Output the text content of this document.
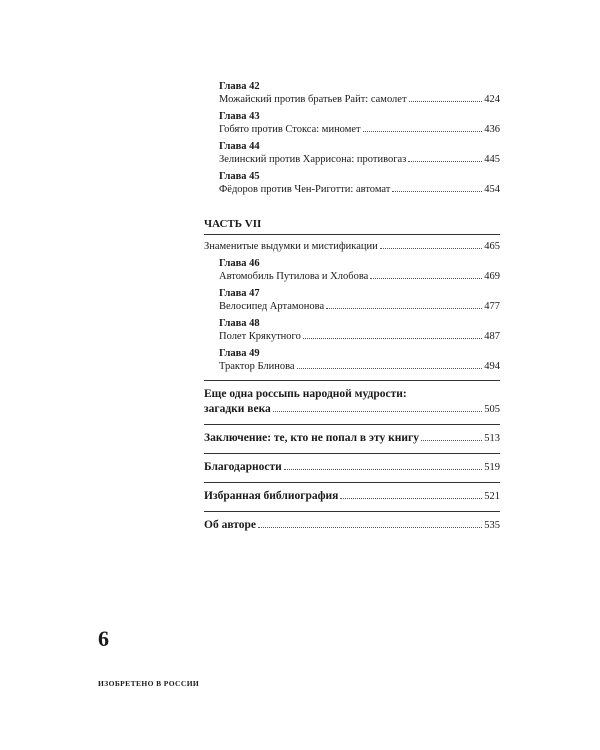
Глава 42
Можайский против братьев Райт: самолет	424
Глава 43
Гобято против Стокса: миномет	436
Глава 44
Зелинский против Харрисона: противогаз	445
Глава 45
Фёдоров против Чен-Риготти: автомат	454
ЧАСТЬ VII
Знаменитые выдумки и мистификации	465
Глава 46
Автомобиль Путилова и Хлобова	469
Глава 47
Велосипед Артамонова	477
Глава 48
Полет Крякутного	487
Глава 49
Трактор Блинова	494
Еще одна россыпь народной мудрости:
загадки века	505
Заключение: те, кто не попал в эту книгу	513
Благодарности	519
Избранная библиография	521
Об авторе	535
6
ИЗОБРЕТЕНО В РОССИИ
